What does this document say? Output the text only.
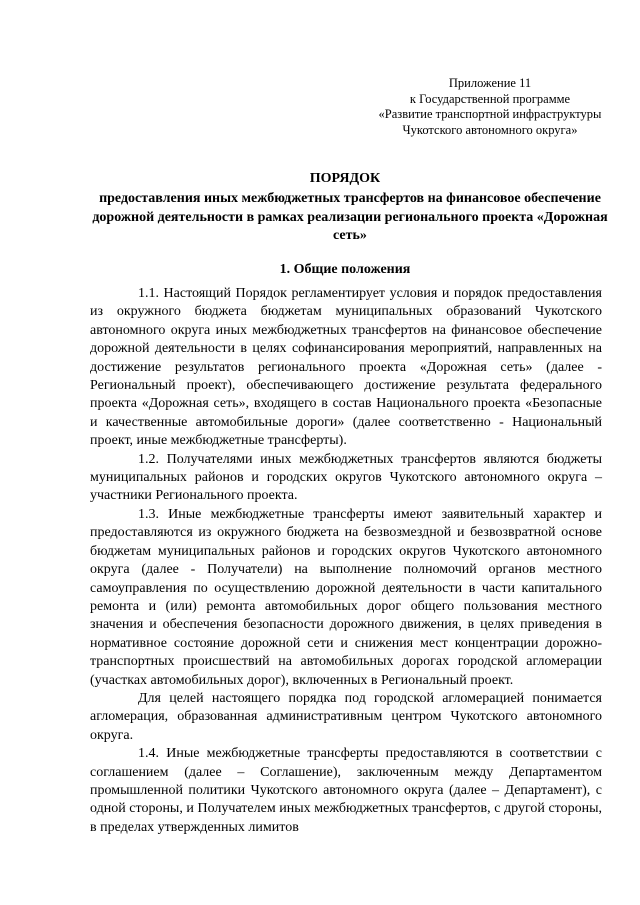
Приложение 11
к Государственной программе
«Развитие транспортной инфраструктуры
Чукотского автономного округа»
ПОРЯДОК
предоставления иных межбюджетных трансфертов на финансовое обеспечение дорожной деятельности в рамках реализации регионального проекта «Дорожная сеть»
1. Общие положения

1.1. Настоящий Порядок регламентирует условия и порядок предоставления из окружного бюджета бюджетам муниципальных образований Чукотского автономного округа иных межбюджетных трансфертов на финансовое обеспечение дорожной деятельности в целях софинансирования мероприятий, направленных на достижение результатов регионального проекта «Дорожная сеть» (далее - Региональный проект), обеспечивающего достижение результата федерального проекта «Дорожная сеть», входящего в состав Национального проекта «Безопасные и качественные автомобильные дороги» (далее соответственно - Национальный проект, иные межбюджетные трансферты).

1.2. Получателями иных межбюджетных трансфертов являются бюджеты муниципальных районов и городских округов Чукотского автономного округа – участники Регионального проекта.

1.3. Иные межбюджетные трансферты имеют заявительный характер и предоставляются из окружного бюджета на безвозмездной и безвозвратной основе бюджетам муниципальных районов и городских округов Чукотского автономного округа (далее - Получатели) на выполнение полномочий органов местного самоуправления по осуществлению дорожной деятельности в части капитального ремонта и (или) ремонта автомобильных дорог общего пользования местного значения и обеспечения безопасности дорожного движения, в целях приведения в нормативное состояние дорожной сети и снижения мест концентрации дорожно-транспортных происшествий на автомобильных дорогах городской агломерации (участках автомобильных дорог), включенных в Региональный проект.

Для целей настоящего порядка под городской агломерацией понимается агломерация, образованная административным центром Чукотского автономного округа.

1.4. Иные межбюджетные трансферты предоставляются в соответствии с соглашением (далее – Соглашение), заключенным между Департаментом промышленной политики Чукотского автономного округа (далее – Департамент), с одной стороны, и Получателем иных межбюджетных трансфертов, с другой стороны, в пределах утвержденных лимитов
